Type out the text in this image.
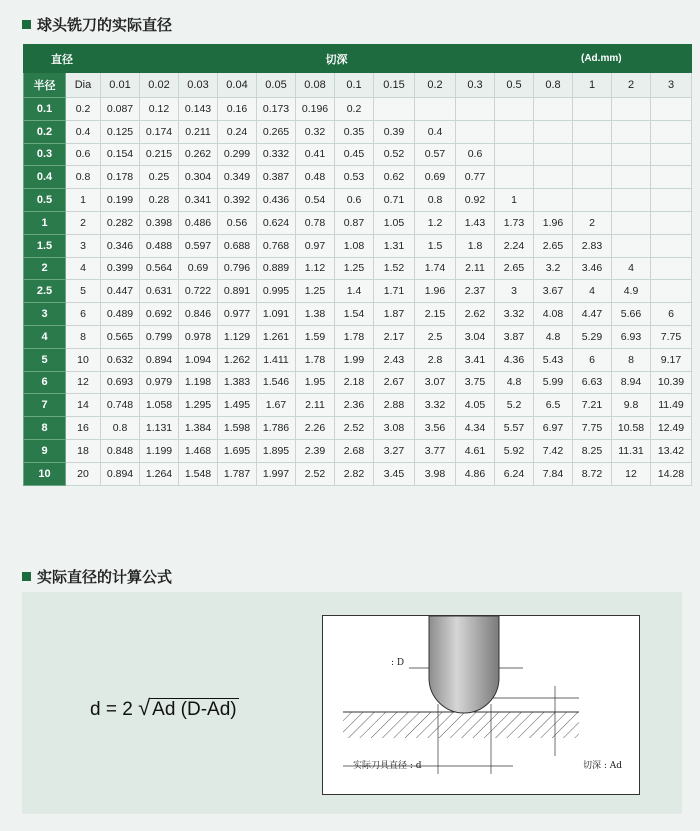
球头铣刀的实际直径
直径		切深												(Ad.mm)		
半径	Dia	0.01	0.02	0.03	0.04	0.05	0.08	0.1	0.15	0.2	0.3	0.5	0.8	1	2	3
0.1	0.2	0.087	0.12	0.143	0.16	0.173	0.196	0.2								
0.2	0.4	0.125	0.174	0.211	0.24	0.265	0.32	0.35	0.39	0.4						
0.3	0.6	0.154	0.215	0.262	0.299	0.332	0.41	0.45	0.52	0.57	0.6					
0.4	0.8	0.178	0.25	0.304	0.349	0.387	0.48	0.53	0.62	0.69	0.77					
0.5	1	0.199	0.28	0.341	0.392	0.436	0.54	0.6	0.71	0.8	0.92	1				
1	2	0.282	0.398	0.486	0.56	0.624	0.78	0.87	1.05	1.2	1.43	1.73	1.96	2		
1.5	3	0.346	0.488	0.597	0.688	0.768	0.97	1.08	1.31	1.5	1.8	2.24	2.65	2.83		
2	4	0.399	0.564	0.69	0.796	0.889	1.12	1.25	1.52	1.74	2.11	2.65	3.2	3.46	4	
2.5	5	0.447	0.631	0.722	0.891	0.995	1.25	1.4	1.71	1.96	2.37	3	3.67	4	4.9	
3	6	0.489	0.692	0.846	0.977	1.091	1.38	1.54	1.87	2.15	2.62	3.32	4.08	4.47	5.66	6
4	8	0.565	0.799	0.978	1.129	1.261	1.59	1.78	2.17	2.5	3.04	3.87	4.8	5.29	6.93	7.75
5	10	0.632	0.894	1.094	1.262	1.411	1.78	1.99	2.43	2.8	3.41	4.36	5.43	6	8	9.17
6	12	0.693	0.979	1.198	1.383	1.546	1.95	2.18	2.67	3.07	3.75	4.8	5.99	6.63	8.94	10.39
7	14	0.748	1.058	1.295	1.495	1.67	2.11	2.36	2.88	3.32	4.05	5.2	6.5	7.21	9.8	11.49
8	16	0.8	1.131	1.384	1.598	1.786	2.26	2.52	3.08	3.56	4.34	5.57	6.97	7.75	10.58	12.49
9	18	0.848	1.199	1.468	1.695	1.895	2.39	2.68	3.27	3.77	4.61	5.92	7.42	8.25	11.31	13.42
10	20	0.894	1.264	1.548	1.787	1.997	2.52	2.82	3.45	3.98	4.86	6.24	7.84	8.72	12	14.28
实际直径的计算公式
d = 2 √ Ad (D-Ad)
: D
实际刀具直径 : d	切深 : Ad
